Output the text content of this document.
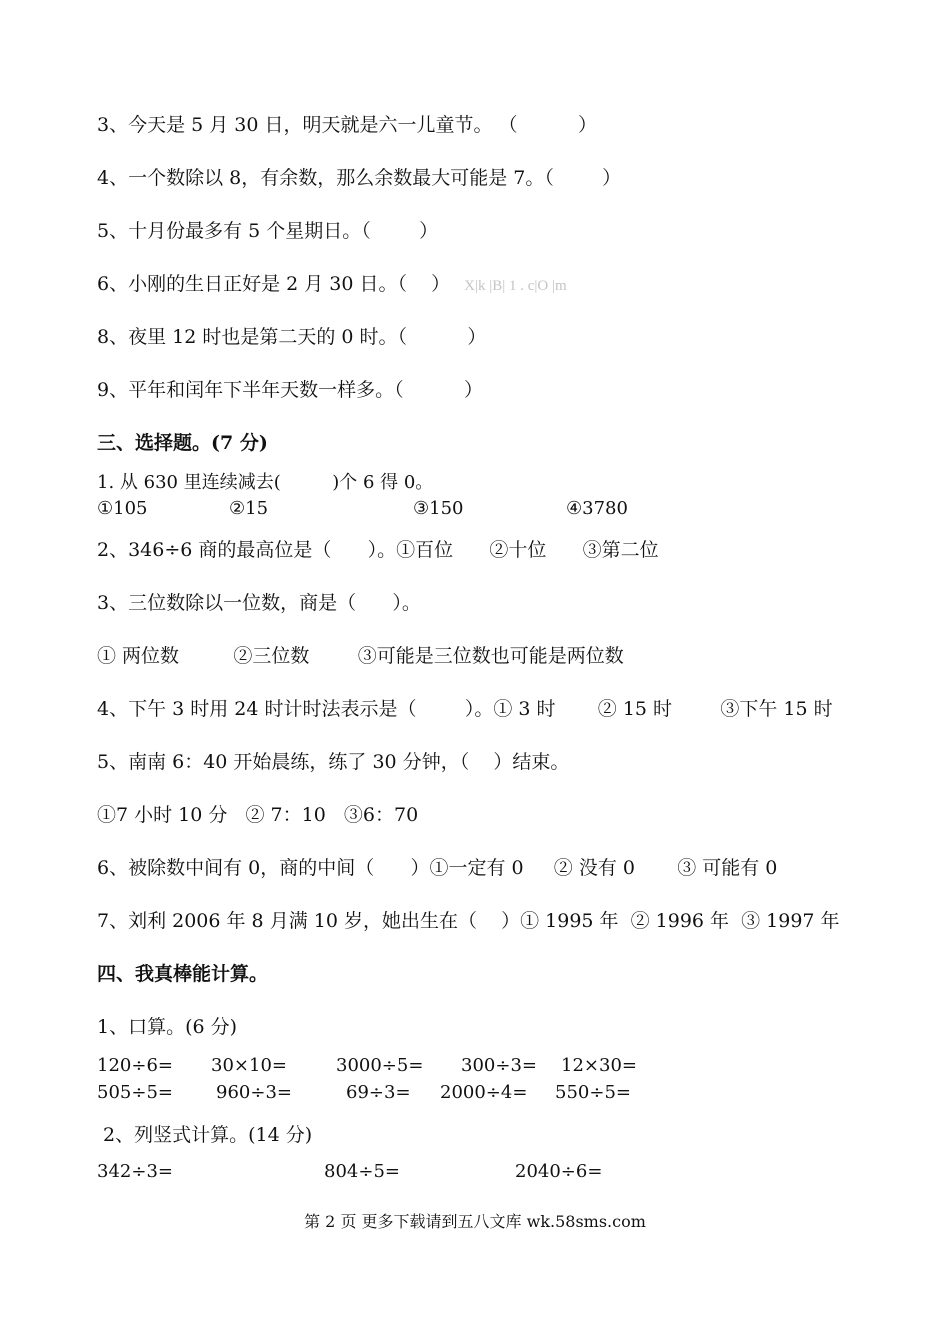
3、今天是 5 月 30 日，明天就是六一儿童节。 （          ）
4、一个数除以 8，有余数，那么余数最大可能是 7。（        ）
5、十月份最多有 5 个星期日。（        ）
6、小刚的生日正好是 2 月 30 日。（    ） X|k |B| 1 . c|O |m
8、夜里 12 时也是第二天的 0 时。（          ）
9、平年和闰年下半年天数一样多。（          ）
三、选择题。(7 分)
1. 从 630 里连续减去(         )个 6 得 0。
①105	②15	③150	④3780
2、346÷6 商的最高位是（      ）。①百位      ②十位      ③第二位
3、三位数除以一位数，商是（      ）。
① 两位数         ②三位数        ③可能是三位数也可能是两位数
4、下午 3 时用 24 时计时法表示是（        ）。① 3 时       ② 15 时        ③下午 15 时
5、南南 6：40 开始晨练，练了 30 分钟，（    ）结束。
①7 小时 10 分   ② 7：10   ③6：70
6、被除数中间有 0，商的中间（      ）①一定有 0     ② 没有 0       ③ 可能有 0
7、刘利 2006 年 8 月满 10 岁，她出生在（    ）① 1995 年  ② 1996 年  ③ 1997 年
四、我真棒能计算。
1、口算。(6 分)
120÷6= 30×10=	3000÷5= 300÷3= 12×30=
505÷5= 960÷3=	69÷3= 2000÷4= 550÷5=
2、列竖式计算。(14 分)
342÷3=	804÷5=	2040÷6=
第 2 页 更多下载请到五八文库 wk.58sms.com
